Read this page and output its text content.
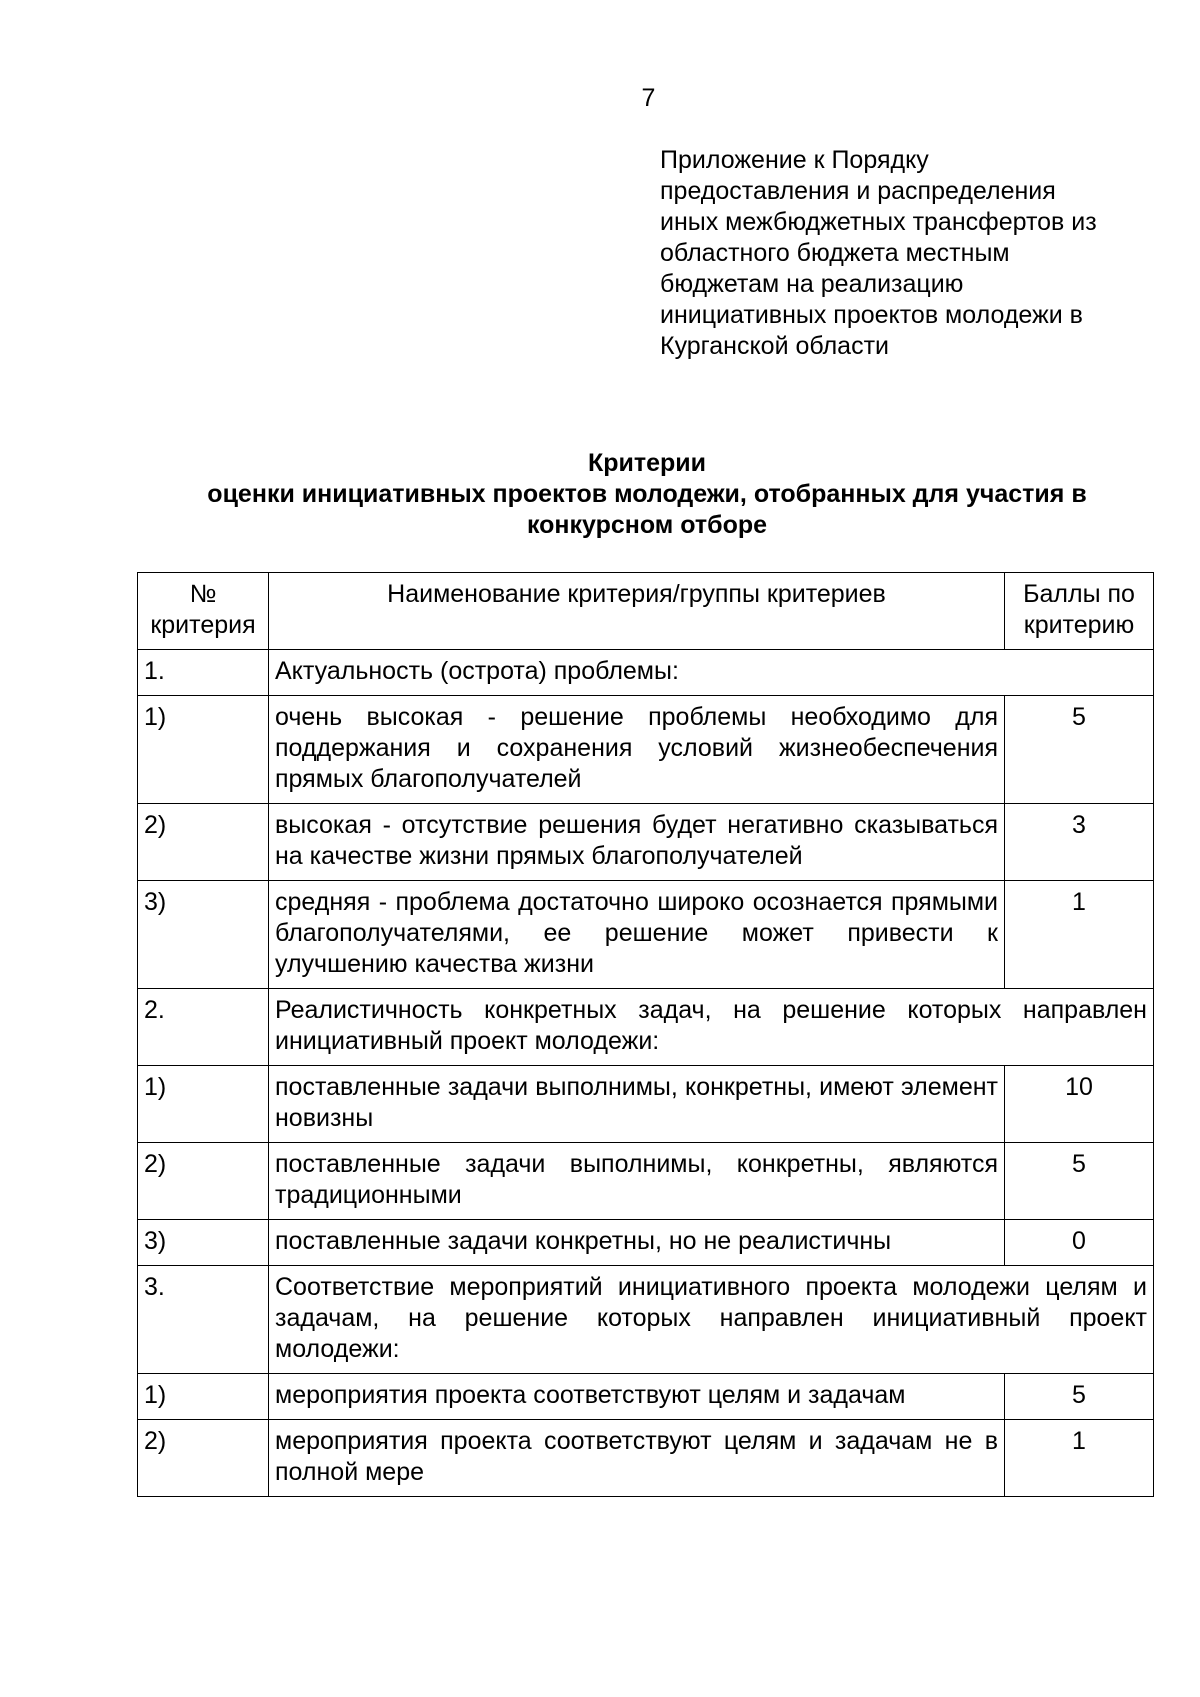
7

Приложение к Порядку
предоставления и распределения
иных межбюджетных трансфертов из
областного бюджета местным
бюджетам на реализацию
инициативных проектов молодежи в
Курганской области
Критерии
оценки инициативных проектов молодежи, отобранных для участия в
конкурсном отборе
№ критерия	Наименование критерия/группы критериев	Баллы по критерию
1.	Актуальность (острота) проблемы:	
1)	очень высокая - решение проблемы необходимо для поддержания и сохранения условий жизнеобеспечения прямых благополучателей	5
2)	высокая - отсутствие решения будет негативно сказываться на качестве жизни прямых благополучателей	3
3)	средняя - проблема достаточно широко осознается прямыми благополучателями, ее решение может привести к улучшению качества жизни	1
2.	Реалистичность конкретных задач, на решение которых направлен инициативный проект молодежи:	
1)	поставленные задачи выполнимы, конкретны, имеют элемент новизны	10
2)	поставленные задачи выполнимы, конкретны, являются традиционными	5
3)	поставленные задачи конкретны, но не реалистичны	0
3.	Соответствие мероприятий инициативного проекта молодежи целям и задачам, на решение которых направлен инициативный проект молодежи:	
1)	мероприятия проекта соответствуют целям и задачам	5
2)	мероприятия проекта соответствуют целям и задачам не в полной мере	1
